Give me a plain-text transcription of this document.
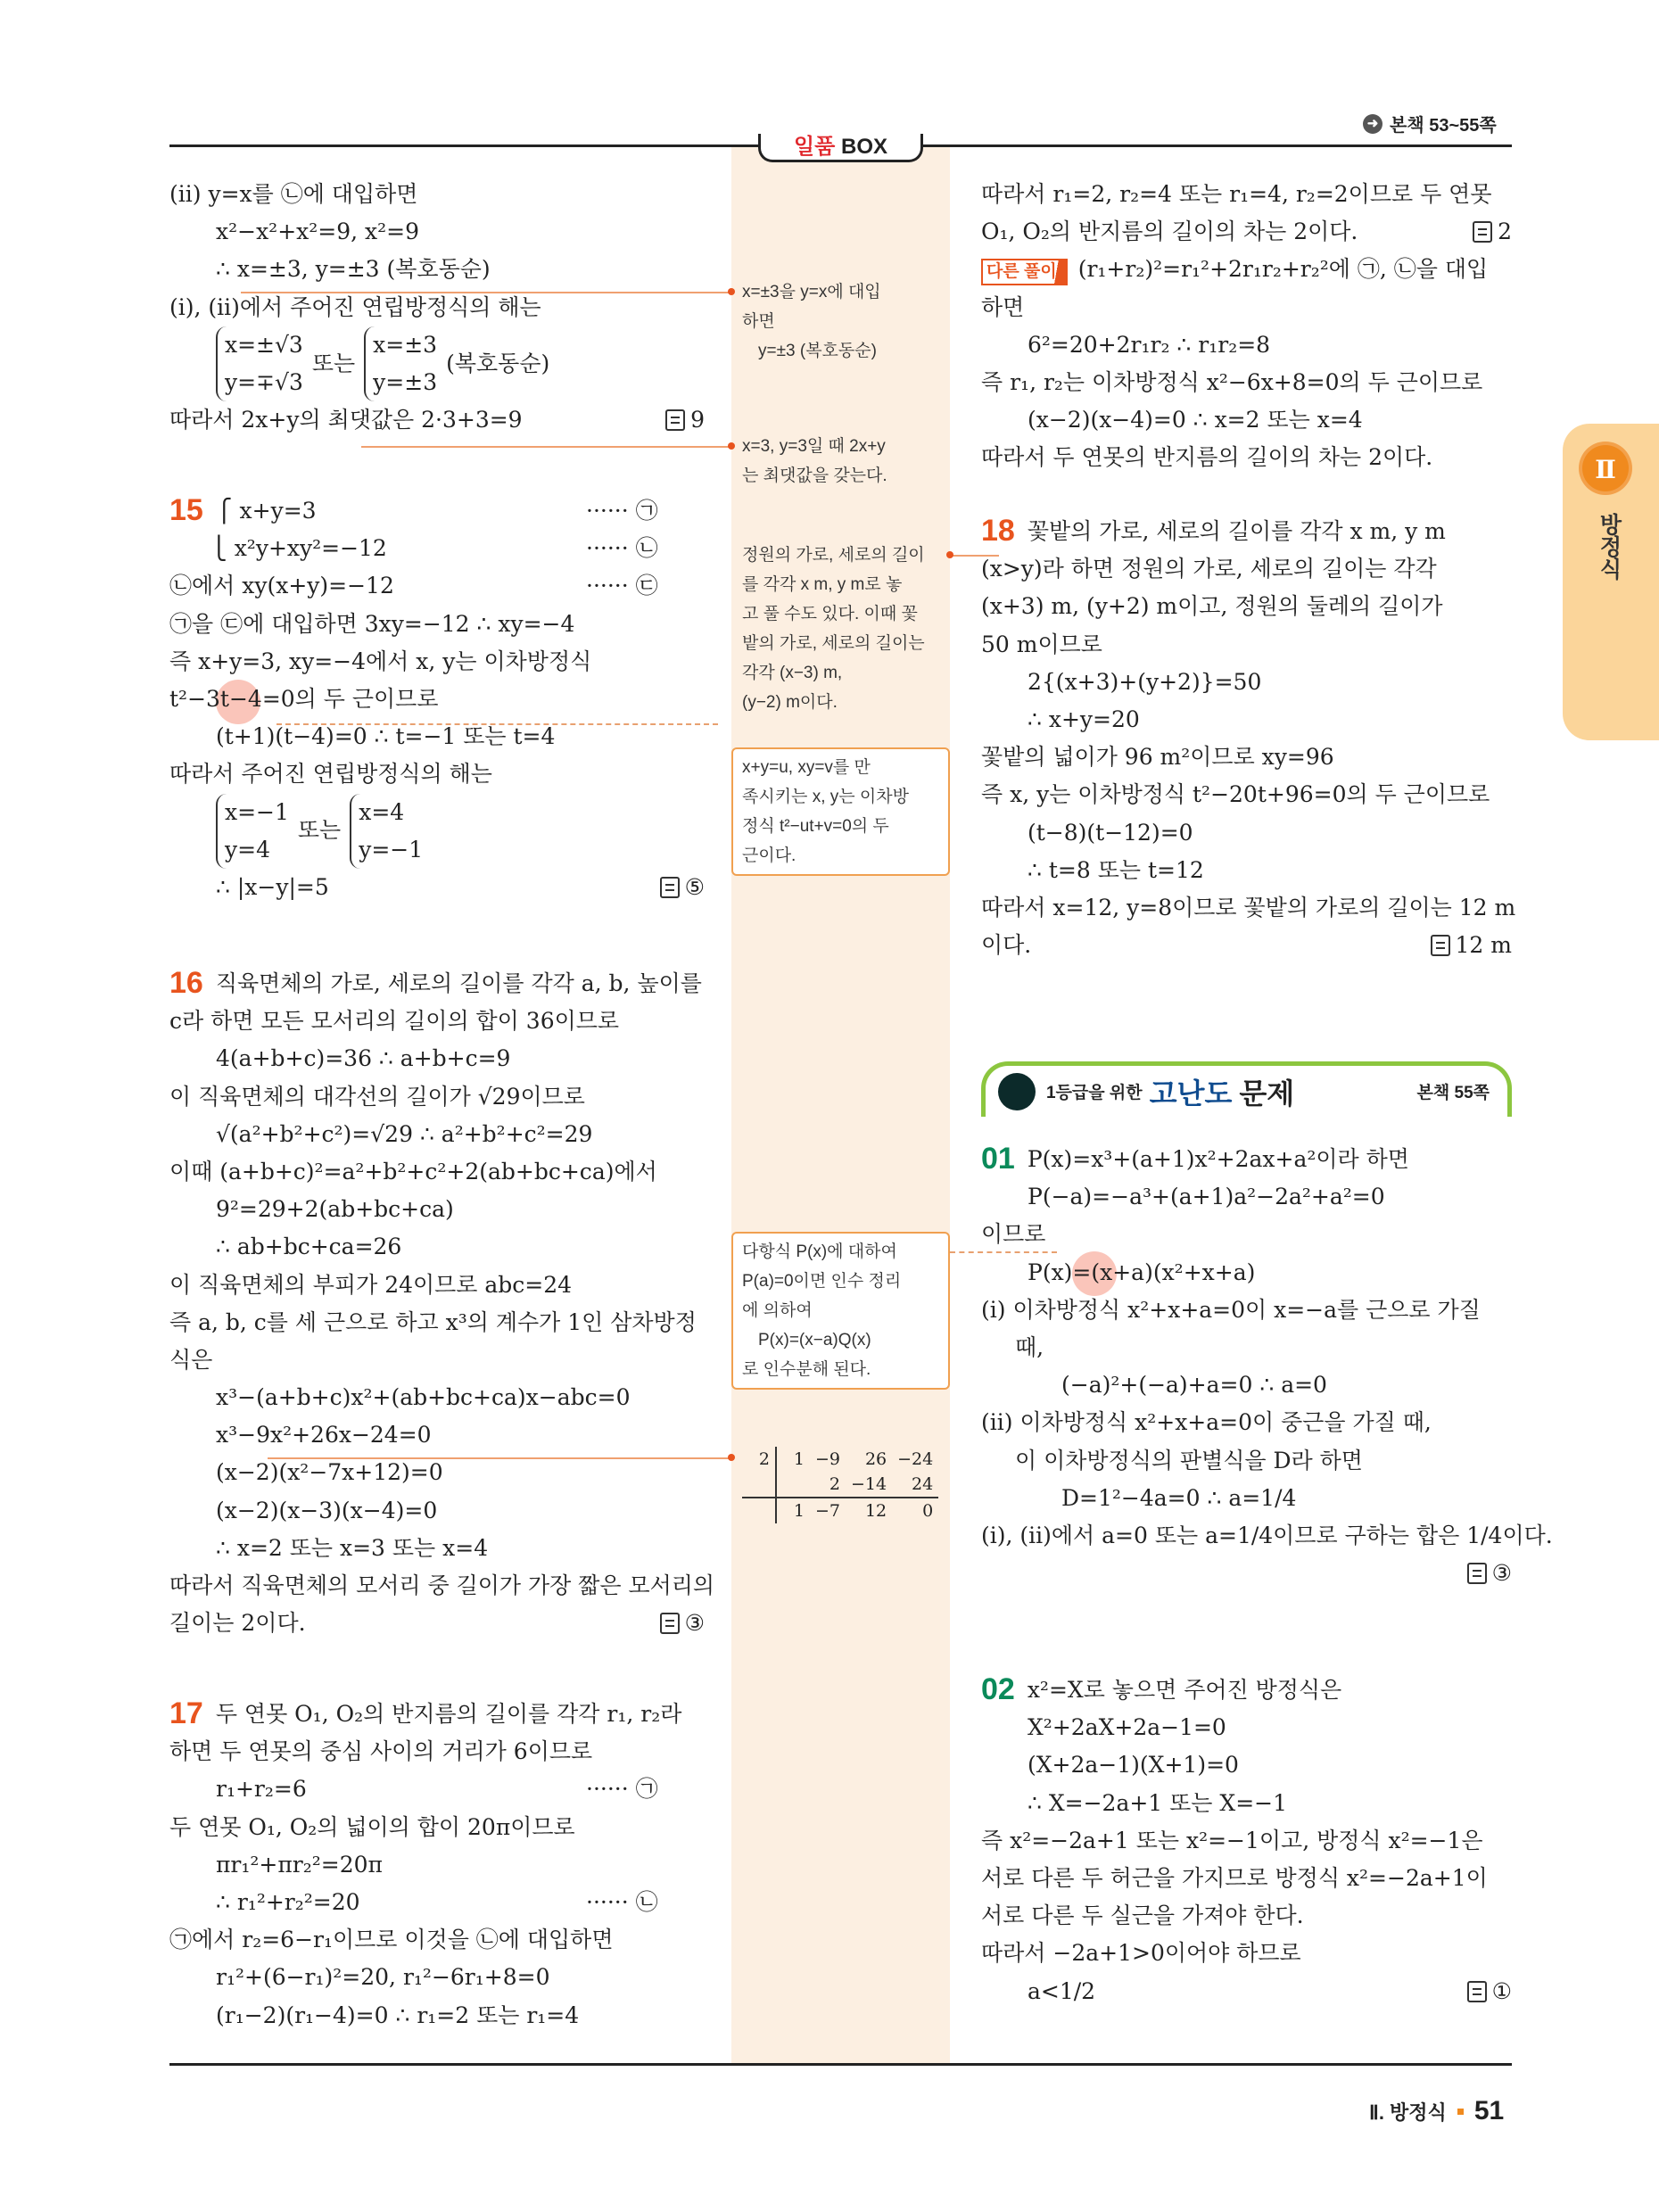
일품 BOX
➜ 본책 53~55쪽
Ⅱ
방정식
(ii) y=x를 ㉡에 대입하면
x²−x²+x²=9, x²=9
∴ x=±3, y=±3 (복호동순)
(i), (ii)에서 주어진 연립방정식의 해는
x=±√3
y=∓√3
또는
x=±3
y=±3
(복호동순)
따라서 2x+y의 최댓값은 2·3+3=9	9
15 ⎧ x+y=3	······ ㉠
⎩ x²y+xy²=−12	······ ㉡
㉡에서 xy(x+y)=−12	······ ㉢
㉠을 ㉢에 대입하면 3xy=−12 ∴ xy=−4
즉 x+y=3, xy=−4에서 x, y는 이차방정식
t²−3t−4=0의 두 근이므로
(t+1)(t−4)=0 ∴ t=−1 또는 t=4
따라서 주어진 연립방정식의 해는
x=−1
y=4
또는
x=4
y=−1
∴ |x−y|=5	⑤
16 직육면체의 가로, 세로의 길이를 각각 a, b, 높이를
c라 하면 모든 모서리의 길이의 합이 36이므로
4(a+b+c)=36 ∴ a+b+c=9
이 직육면체의 대각선의 길이가 √29이므로
√(a²+b²+c²)=√29 ∴ a²+b²+c²=29
이때 (a+b+c)²=a²+b²+c²+2(ab+bc+ca)에서
9²=29+2(ab+bc+ca)
∴ ab+bc+ca=26
이 직육면체의 부피가 24이므로 abc=24
즉 a, b, c를 세 근으로 하고 x³의 계수가 1인 삼차방정
식은
x³−(a+b+c)x²+(ab+bc+ca)x−abc=0
x³−9x²+26x−24=0
(x−2)(x²−7x+12)=0
(x−2)(x−3)(x−4)=0
∴ x=2 또는 x=3 또는 x=4
따라서 직육면체의 모서리 중 길이가 가장 짧은 모서리의
길이는 2이다.	③
17 두 연못 O₁, O₂의 반지름의 길이를 각각 r₁, r₂라
하면 두 연못의 중심 사이의 거리가 6이므로
r₁+r₂=6	······ ㉠
두 연못 O₁, O₂의 넓이의 합이 20π이므로
πr₁²+πr₂²=20π
∴ r₁²+r₂²=20	······ ㉡
㉠에서 r₂=6−r₁이므로 이것을 ㉡에 대입하면
r₁²+(6−r₁)²=20, r₁²−6r₁+8=0
(r₁−2)(r₁−4)=0 ∴ r₁=2 또는 r₁=4
따라서 r₁=2, r₂=4 또는 r₁=4, r₂=2이므로 두 연못
O₁, O₂의 반지름의 길이의 차는 2이다.	2
다른 풀이 (r₁+r₂)²=r₁²+2r₁r₂+r₂²에 ㉠, ㉡을 대입
하면
6²=20+2r₁r₂ ∴ r₁r₂=8
즉 r₁, r₂는 이차방정식 x²−6x+8=0의 두 근이므로
(x−2)(x−4)=0 ∴ x=2 또는 x=4
따라서 두 연못의 반지름의 길이의 차는 2이다.
18 꽃밭의 가로, 세로의 길이를 각각 x m, y m
(x>y)라 하면 정원의 가로, 세로의 길이는 각각
(x+3) m, (y+2) m이고, 정원의 둘레의 길이가
50 m이므로
2{(x+3)+(y+2)}=50
∴ x+y=20
꽃밭의 넓이가 96 m²이므로 xy=96
즉 x, y는 이차방정식 t²−20t+96=0의 두 근이므로
(t−8)(t−12)=0
∴ t=8 또는 t=12
따라서 x=12, y=8이므로 꽃밭의 가로의 길이는 12 m
이다.	12 m
01 P(x)=x³+(a+1)x²+2ax+a²이라 하면
P(−a)=−a³+(a+1)a²−2a²+a²=0
이므로
P(x)=(x+a)(x²+x+a)
(i) 이차방정식 x²+x+a=0이 x=−a를 근으로 가질
때,
(−a)²+(−a)+a=0 ∴ a=0
(ii) 이차방정식 x²+x+a=0이 중근을 가질 때,
이 이차방정식의 판별식을 D라 하면
D=1²−4a=0 ∴ a=1/4
(i), (ii)에서 a=0 또는 a=1/4이므로 구하는 합은 1/4이다.
③
02 x²=X로 놓으면 주어진 방정식은
X²+2aX+2a−1=0
(X+2a−1)(X+1)=0
∴ X=−2a+1 또는 X=−1
즉 x²=−2a+1 또는 x²=−1이고, 방정식 x²=−1은
서로 다른 두 허근을 가지므로 방정식 x²=−2a+1이
서로 다른 두 실근을 가져야 한다.
따라서 −2a+1>0이어야 하므로
a<1/2	①
1등급을 위한 고난도 문제	본책 55쪽
x=±3을 y=x에 대입
하면
y=±3 (복호동순)
x=3, y=3일 때 2x+y
는 최댓값을 갖는다.
정원의 가로, 세로의 길이
를 각각 x m, y m로 놓
고 풀 수도 있다. 이때 꽃
밭의 가로, 세로의 길이는
각각 (x−3) m,
(y−2) m이다.
x+y=u, xy=v를 만
족시키는 x, y는 이차방
정식 t²−ut+v=0의 두
근이다.
다항식 P(x)에 대하여
P(a)=0이면 인수 정리
에 의하여
P(x)=(x−a)Q(x)
로 인수분해 된다.
2	1	−9	26	−24
		2	−14	24
	1	−7	12	0
Ⅱ. 방정식 51
